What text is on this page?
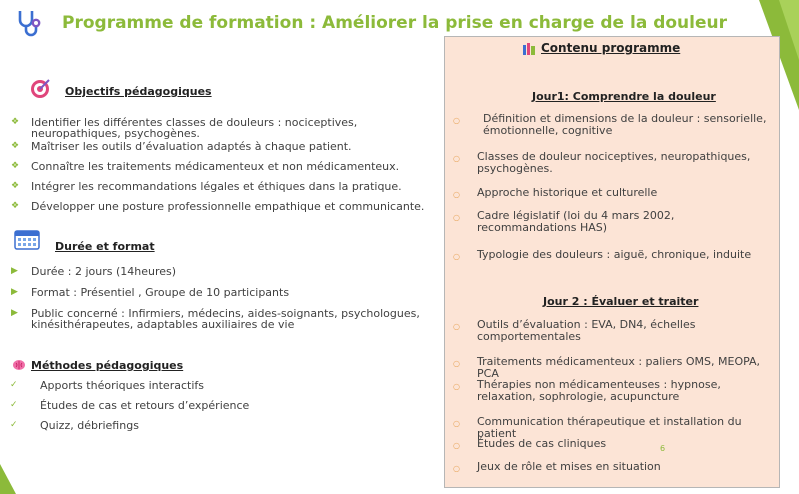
Programme de formation : Améliorer la prise en charge de la douleur
Objectifs pédagogiques
❖ Identifier les différentes classes de douleurs : nociceptives, neuropathiques, psychogènes.
❖ Maîtriser les outils d’évaluation adaptés à chaque patient.
❖ Connaître les traitements médicamenteux et non médicamenteux.
❖ Intégrer les recommandations légales et éthiques dans la pratique.
❖ Développer une posture professionnelle empathique et communicante.
Durée et format
▶ Durée : 2 jours (14heures)
▶ Format : Présentiel , Groupe de 10 participants
▶ Public concerné : Infirmiers, médecins, aides-soignants, psychologues, kinésithérapeutes, adaptables auxiliaires de vie
Méthodes pédagogiques
✓ Apports théoriques interactifs
✓ Études de cas et retours d’expérience
✓ Quizz, débriefings
Contenu programme
Jour1: Comprendre la douleur
○ Définition et dimensions de la douleur : sensorielle, émotionnelle, cognitive
○ Classes de douleur nociceptives, neuropathiques, psychogènes.
○ Approche historique et culturelle
○ Cadre législatif (loi du 4 mars 2002, recommandations HAS)
○ Typologie des douleurs : aiguë, chronique, induite
Jour 2 : Évaluer et traiter
○ Outils d’évaluation : EVA, DN4, échelles comportementales
○ Traitements médicamenteux : paliers OMS, MEOPA, PCA
○ Thérapies non médicamenteuses : hypnose, relaxation, sophrologie, acupuncture
○ Communication thérapeutique et installation du patient
○ Études de cas cliniques
○ Jeux de rôle et mises en situation
6
